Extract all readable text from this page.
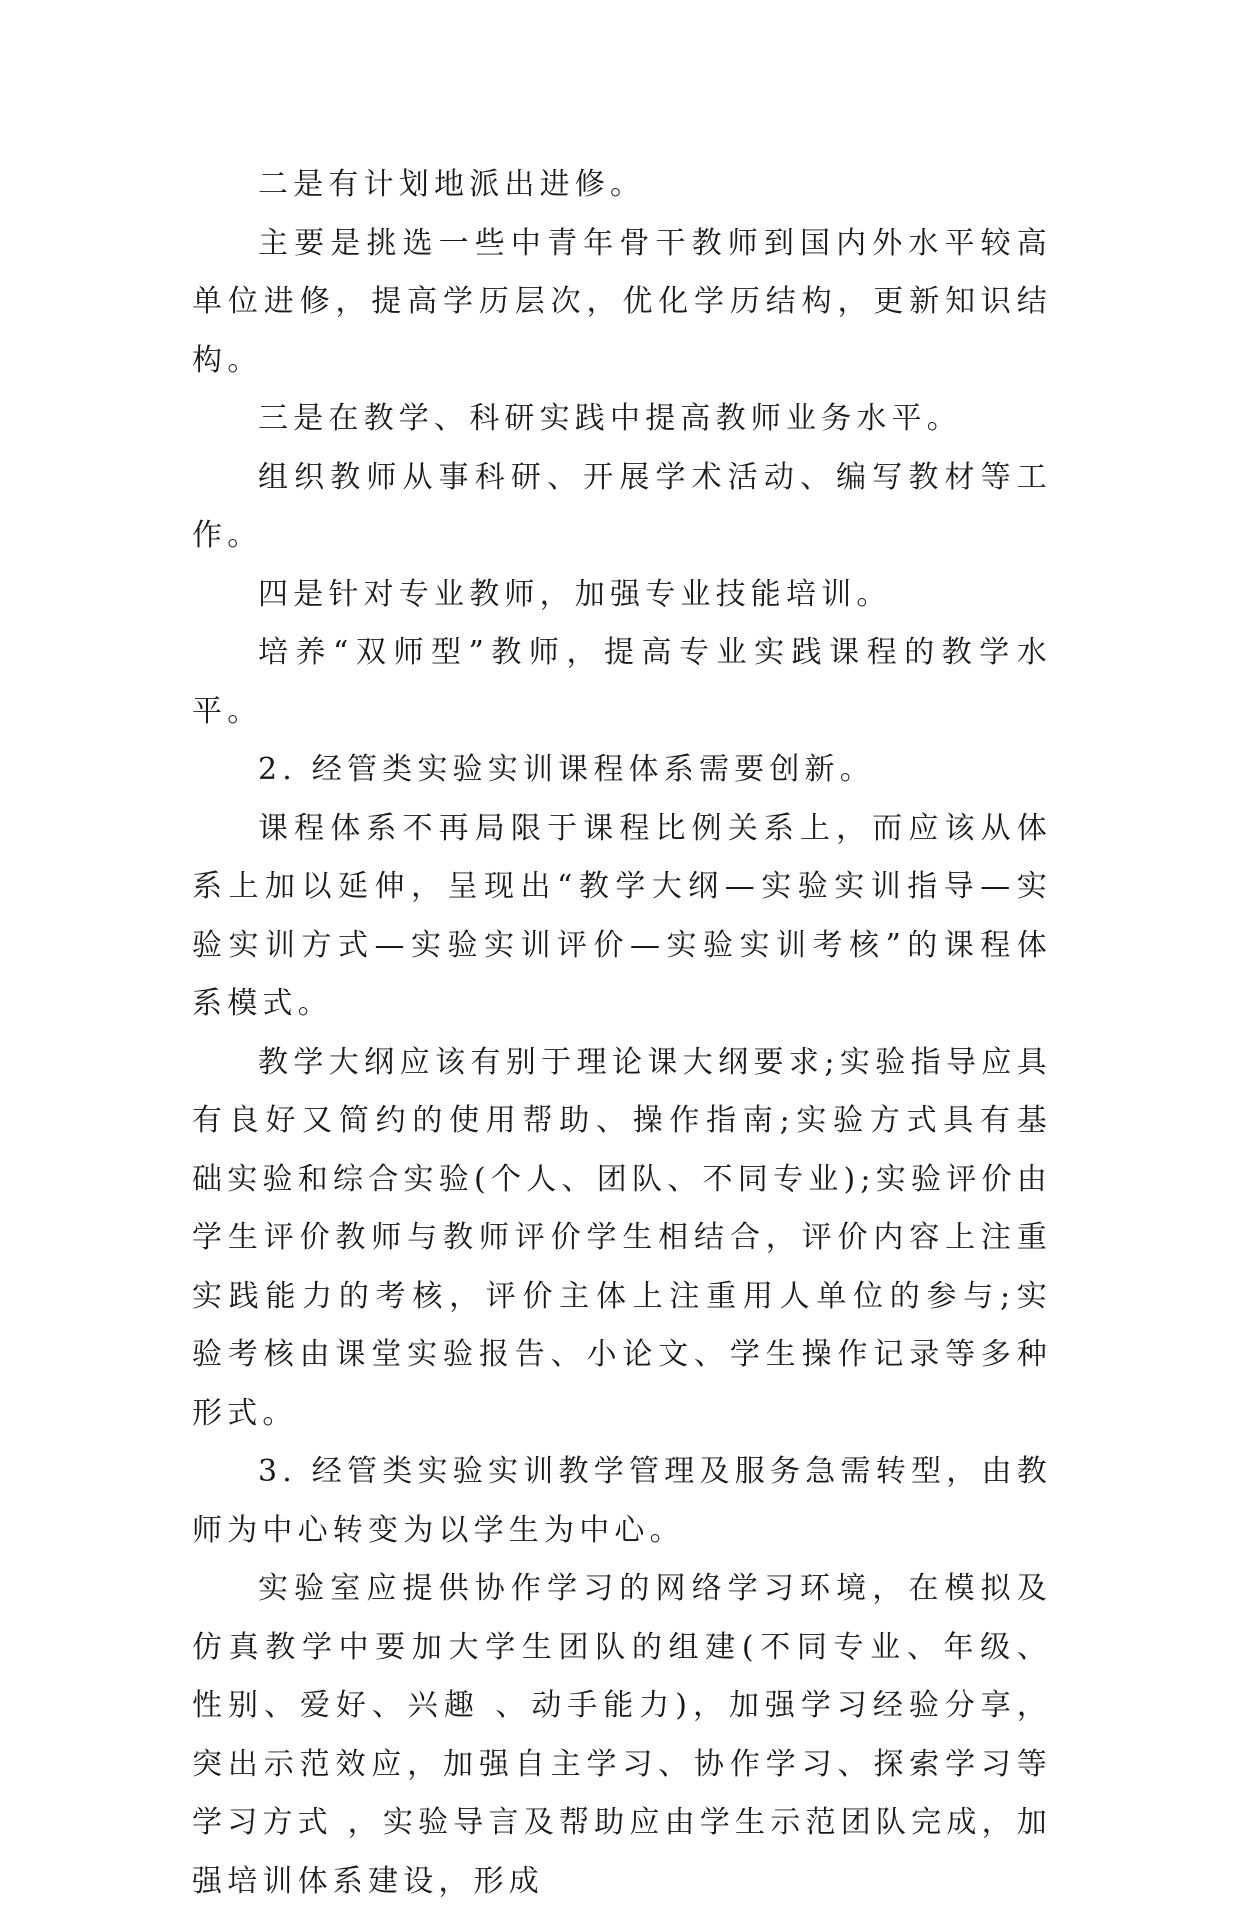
二是有计划地派出进修。

主要是挑选一些中青年骨干教师到国内外水平较高单位进修，提高学历层次，优化学历结构，更新知识结构。

三是在教学、科研实践中提高教师业务水平。

组织教师从事科研、开展学术活动、编写教材等工作。

四是针对专业教师，加强专业技能培训。

培养“双师型”教师，提高专业实践课程的教学水平。

2. 经管类实验实训课程体系需要创新。

课程体系不再局限于课程比例关系上，而应该从体系上加以延伸，呈现出“教学大纲—实验实训指导—实验实训方式—实验实训评价—实验实训考核”的课程体系模式。

教学大纲应该有别于理论课大纲要求;实验指导应具有良好又简约的使用帮助、操作指南;实验方式具有基础实验和综合实验(个人、团队、不同专业);实验评价由学生评价教师与教师评价学生相结合，评价内容上注重实践能力的考核，评价主体上注重用人单位的参与;实验考核由课堂实验报告、小论文、学生操作记录等多种形式。

3. 经管类实验实训教学管理及服务急需转型，由教师为中心转变为以学生为中心。

实验室应提供协作学习的网络学习环境，在模拟及仿真教学中要加大学生团队的组建(不同专业、年级、性别、爱好、兴趣 、动手能力)，加强学习经验分享，突出示范效应，加强自主学习、协作学习、探索学习等学习方式 ，实验导言及帮助应由学生示范团队完成，加强培训体系建设，形成
